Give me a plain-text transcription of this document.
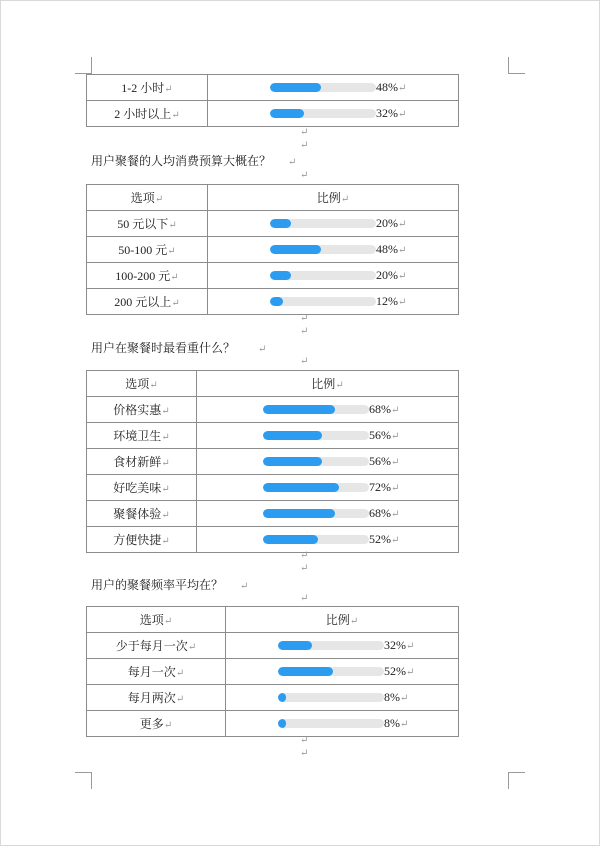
1-2 小时↵	48%↵

2 小时以上↵	32%↵
↵
↵
用户聚餐的人均消费预算大概在？ ↵
↵
选项↵	比例↵
50 元以下↵	20%↵

50-100 元↵	48%↵

100-200 元↵	20%↵

200 元以上↵	12%↵
↵
↵
用户在聚餐时最看重什么？ ↵
↵
选项↵	比例↵
价格实惠↵	68%↵

环境卫生↵	56%↵

食材新鲜↵	56%↵

好吃美味↵	72%↵

聚餐体验↵	68%↵

方便快捷↵	52%↵
↵
↵
用户的聚餐频率平均在？ ↵
↵
选项↵	比例↵
少于每月一次↵	32%↵

每月一次↵	52%↵

每月两次↵	8%↵

更多↵	8%↵
↵
↵
